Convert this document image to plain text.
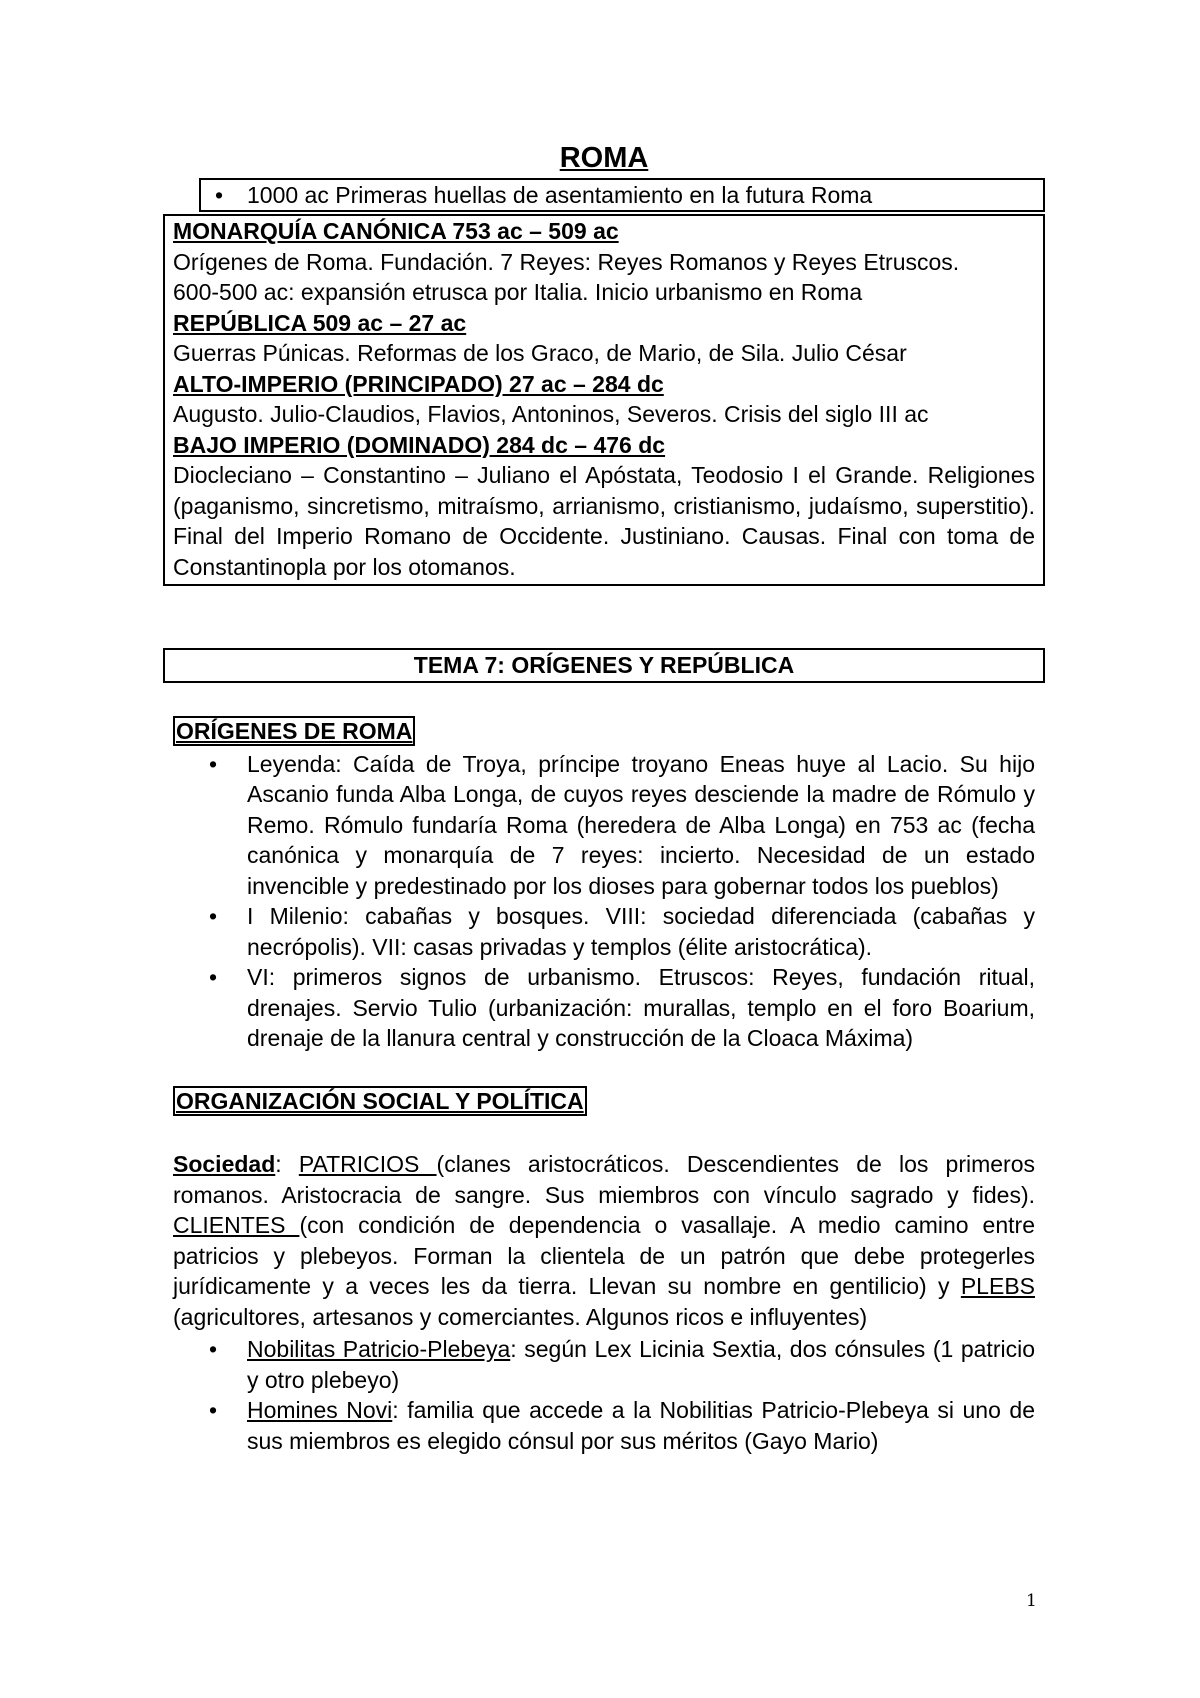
ROMA
• 1000 ac Primeras huellas de asentamiento en la futura Roma
MONARQUÍA CANÓNICA 753 ac – 509 ac
Orígenes de Roma. Fundación. 7 Reyes: Reyes Romanos y Reyes Etruscos.
600-500 ac: expansión etrusca por Italia. Inicio urbanismo en Roma
REPÚBLICA 509 ac – 27 ac
Guerras Púnicas. Reformas de los Graco, de Mario, de Sila. Julio César
ALTO-IMPERIO (PRINCIPADO) 27 ac – 284 dc
Augusto. Julio-Claudios, Flavios, Antoninos, Severos. Crisis del siglo III ac
BAJO IMPERIO (DOMINADO) 284 dc – 476 dc
Diocleciano – Constantino – Juliano el Apóstata, Teodosio I el Grande. Religiones (paganismo, sincretismo, mitraísmo, arrianismo, cristianismo, judaísmo, superstitio). Final del Imperio Romano de Occidente. Justiniano. Causas. Final con toma de Constantinopla por los otomanos.
TEMA 7: ORÍGENES Y REPÚBLICA
ORÍGENES DE ROMA
• Leyenda: Caída de Troya, príncipe troyano Eneas huye al Lacio. Su hijo Ascanio funda Alba Longa, de cuyos reyes desciende la madre de Rómulo y Remo. Rómulo fundaría Roma (heredera de Alba Longa) en 753 ac (fecha canónica y monarquía de 7 reyes: incierto. Necesidad de un estado invencible y predestinado por los dioses para gobernar todos los pueblos)
• I Milenio: cabañas y bosques. VIII: sociedad diferenciada (cabañas y necrópolis). VII: casas privadas y templos (élite aristocrática).
• VI: primeros signos de urbanismo. Etruscos: Reyes, fundación ritual, drenajes. Servio Tulio (urbanización: murallas, templo en el foro Boarium, drenaje de la llanura central y construcción de la Cloaca Máxima)
ORGANIZACIÓN SOCIAL Y POLÍTICA
Sociedad: PATRICIOS (clanes aristocráticos. Descendientes de los primeros romanos. Aristocracia de sangre. Sus miembros con vínculo sagrado y fides). CLIENTES (con condición de dependencia o vasallaje. A medio camino entre patricios y plebeyos. Forman la clientela de un patrón que debe protegerles jurídicamente y a veces les da tierra. Llevan su nombre en gentilicio) y PLEBS (agricultores, artesanos y comerciantes. Algunos ricos e influyentes)
• Nobilitas Patricio-Plebeya: según Lex Licinia Sextia, dos cónsules (1 patricio y otro plebeyo)
• Homines Novi: familia que accede a la Nobilitias Patricio-Plebeya si uno de sus miembros es elegido cónsul por sus méritos (Gayo Mario)
1
